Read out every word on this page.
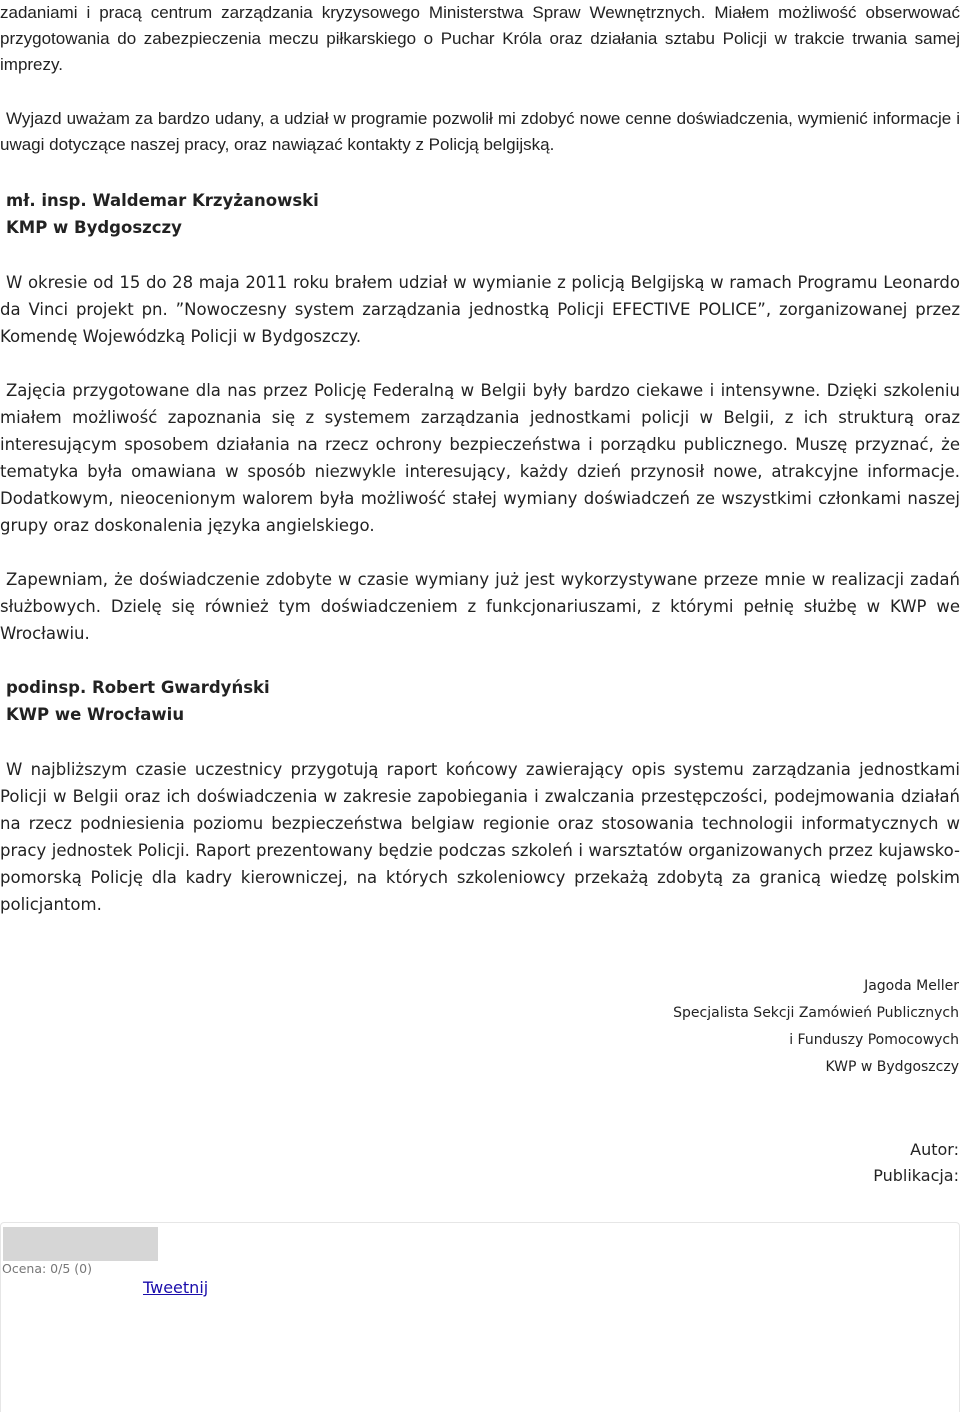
zadaniami i pracą centrum zarządzania kryzysowego Ministerstwa Spraw Wewnętrznych. Miałem możliwość obserwować przygotowania do zabezpieczenia meczu piłkarskiego o Puchar Króla oraz działania sztabu Policji w trakcie trwania samej imprezy.

Wyjazd uważam za bardzo udany, a udział w programie pozwolił mi zdobyć nowe cenne doświadczenia, wymienić informacje i uwagi dotyczące naszej pracy, oraz nawiązać kontakty z Policją belgijską.

mł. insp. Waldemar Krzyżanowski

KMP w Bydgoszczy

W okresie od 15 do 28 maja 2011 roku brałem udział w wymianie z policją Belgijską w ramach Programu Leonardo da Vinci projekt pn. ”Nowoczesny system zarządzania jednostką Policji EFECTIVE POLICE”, zorganizowanej przez Komendę Wojewódzką Policji w Bydgoszczy.

Zajęcia przygotowane dla nas przez Policję Federalną w Belgii były bardzo ciekawe i intensywne. Dzięki szkoleniu miałem możliwość zapoznania się z systemem zarządzania jednostkami policji w Belgii, z ich strukturą oraz interesującym sposobem działania na rzecz ochrony bezpieczeństwa i porządku publicznego. Muszę przyznać, że tematyka była omawiana w sposób niezwykle interesujący, każdy dzień przynosił nowe, atrakcyjne informacje. Dodatkowym, nieocenionym walorem była możliwość stałej wymiany doświadczeń ze wszystkimi członkami naszej grupy oraz doskonalenia języka angielskiego.

Zapewniam, że doświadczenie zdobyte w czasie wymiany już jest wykorzystywane przeze mnie w realizacji zadań służbowych. Dzielę się również tym doświadczeniem z funkcjonariuszami, z którymi pełnię służbę w KWP we Wrocławiu.

podinsp. Robert Gwardyński

KWP we Wrocławiu

W najbliższym czasie uczestnicy przygotują raport końcowy zawierający opis systemu zarządzania jednostkami Policji w Belgii oraz ich doświadczenia w zakresie zapobiegania i zwalczania przestępczości, podejmowania działań na rzecz podniesienia poziomu bezpieczeństwa belgiaw regionie oraz stosowania technologii informatycznych w pracy jednostek Policji. Raport prezentowany będzie podczas szkoleń i warsztatów organizowanych przez kujawsko-pomorską Policję dla kadry kierowniczej, na których szkoleniowcy przekażą zdobytą za granicą wiedzę polskim policjantom.

Jagoda Meller

Specjalista Sekcji Zamówień Publicznych

i Funduszy Pomocowych

KWP w Bydgoszczy

Autor:

Publikacja:

Ocena: 0/5 (0)
Tweetnij
